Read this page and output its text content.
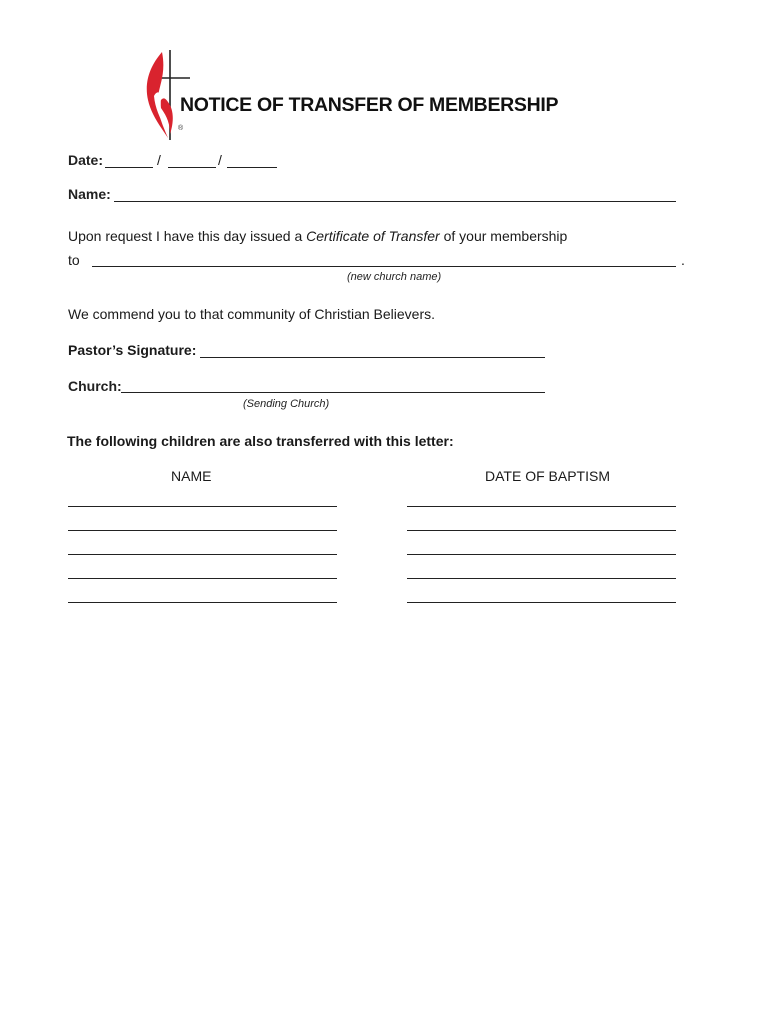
NOTICE OF TRANSFER OF MEMBERSHIP
®
Date:	/	/
Name:
Upon request I have this day issued a Certificate of Transfer of your membership
to	.
(new church name)
We commend you to that community of Christian Believers.
Pastor’s Signature:
Church:
(Sending Church)
The following children are also transferred with this letter:
NAME	DATE OF BAPTISM
